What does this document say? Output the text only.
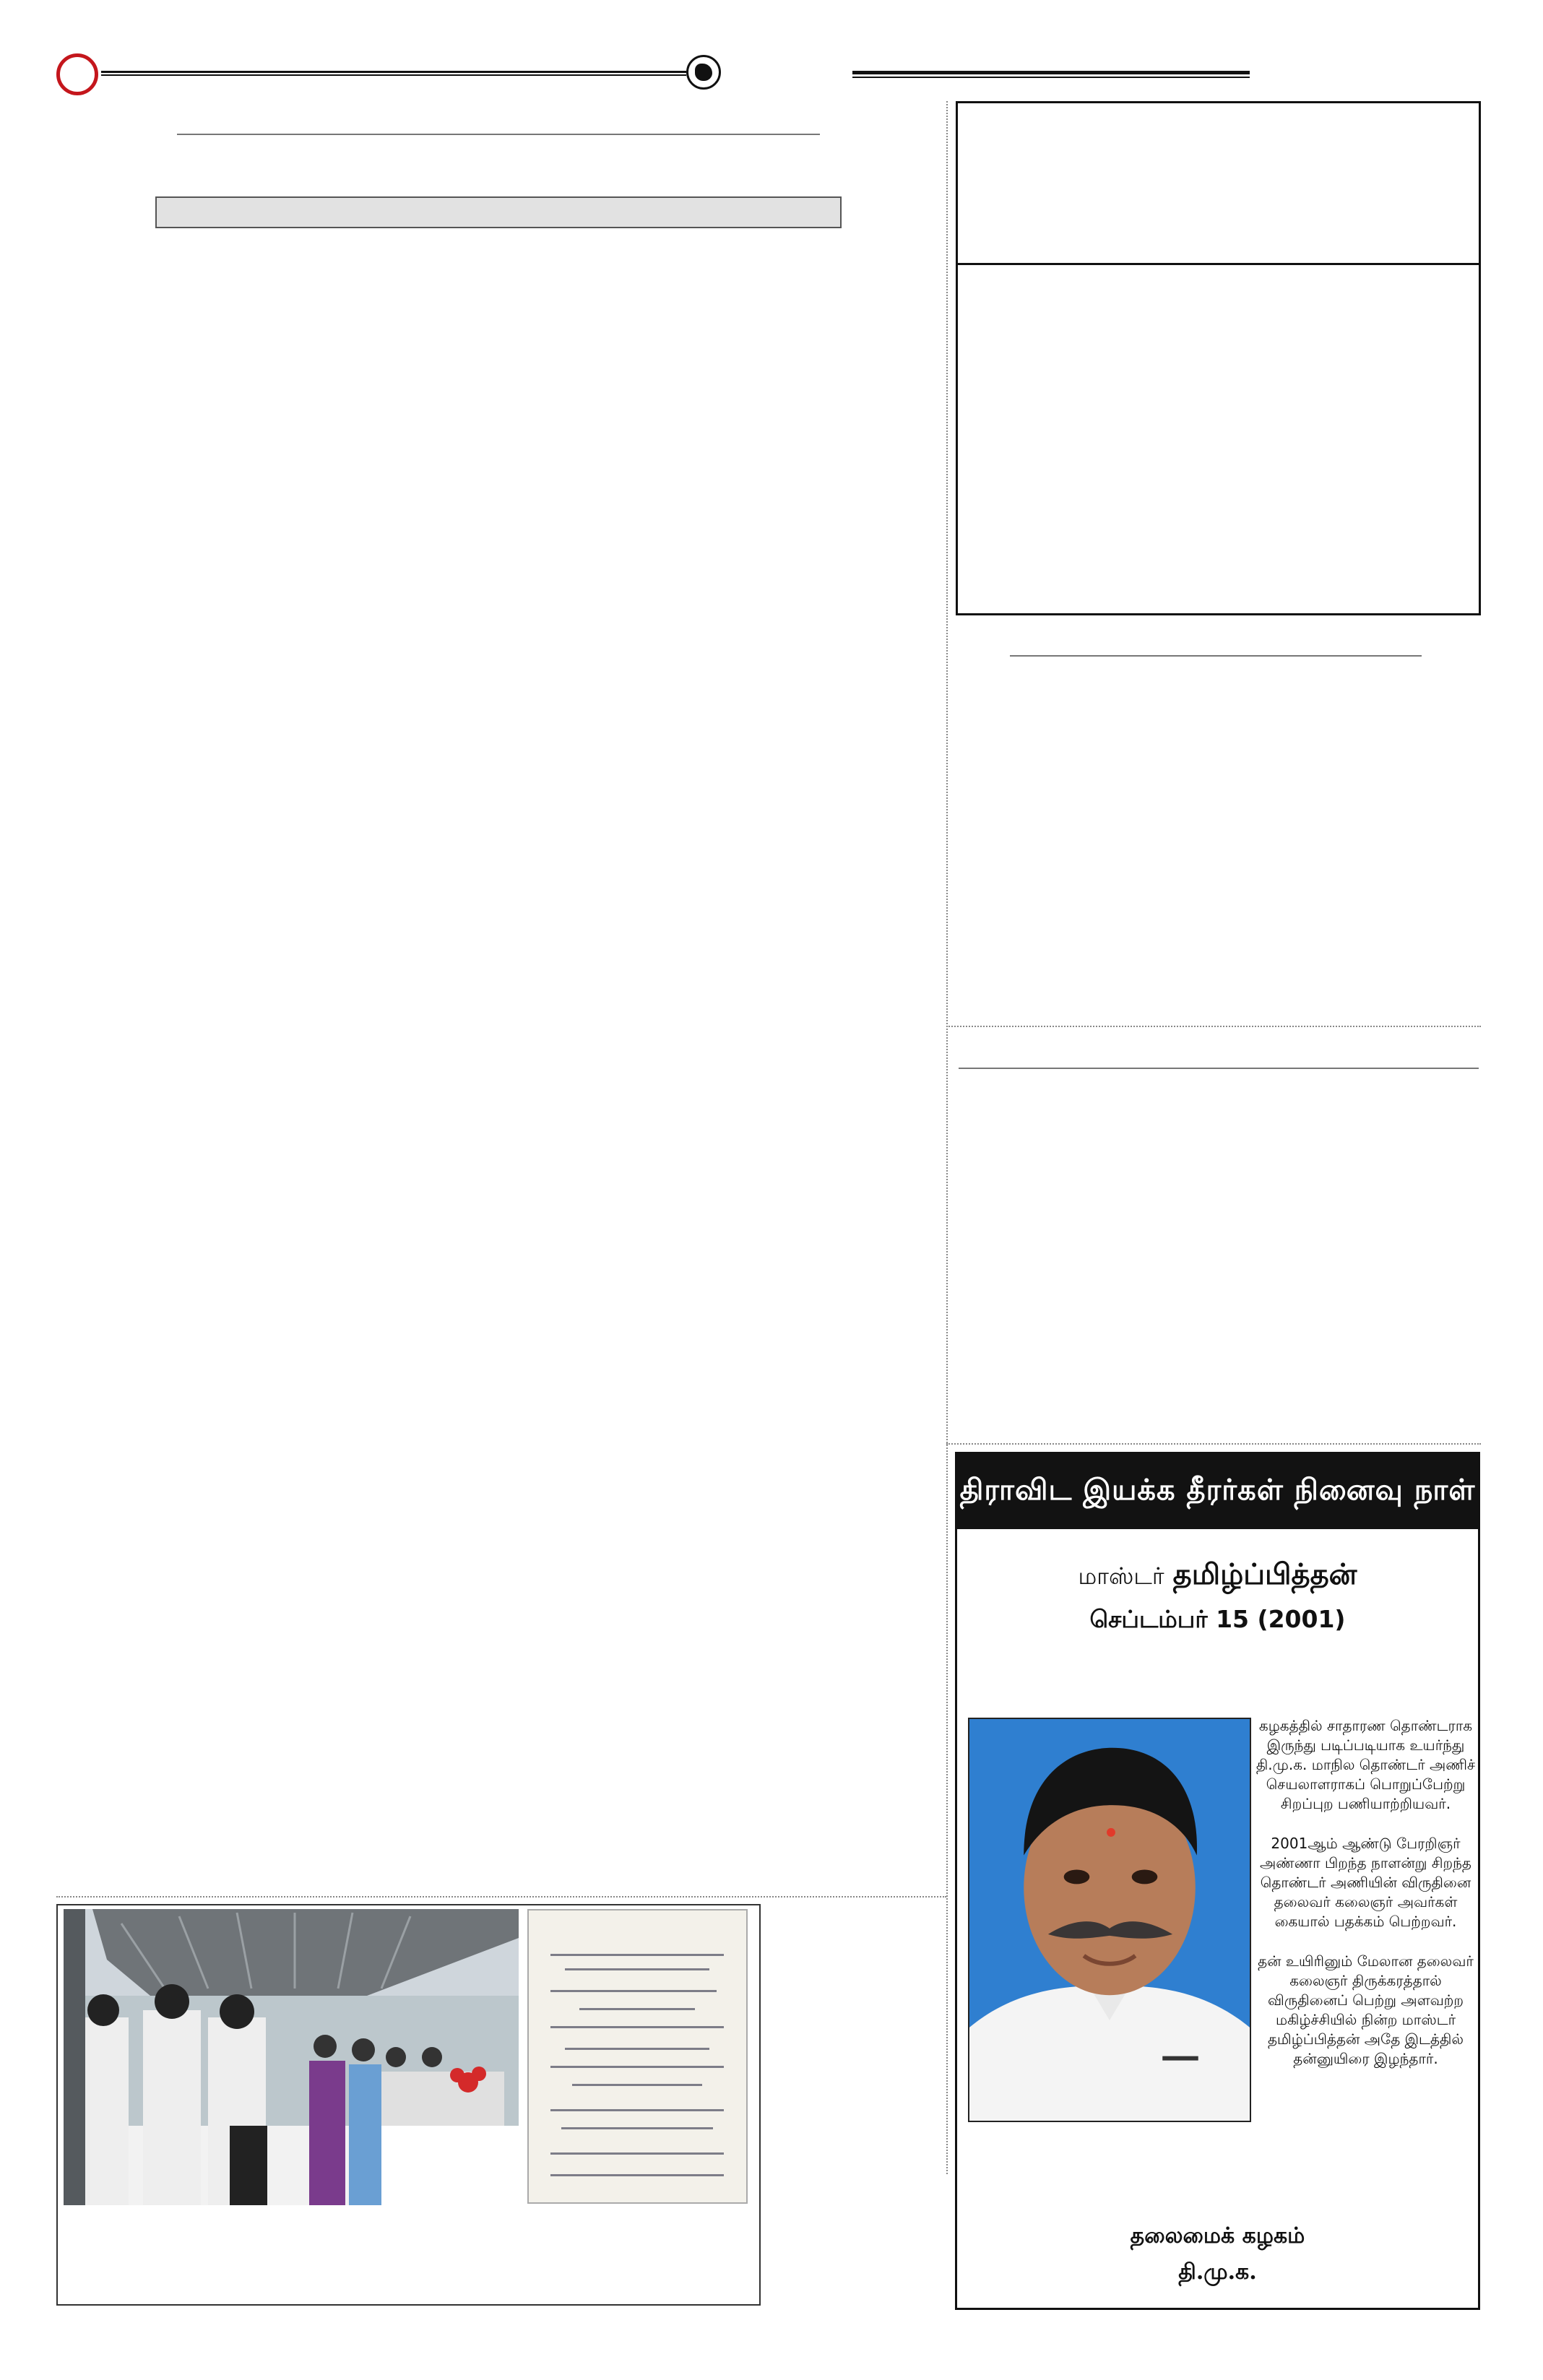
திராவிட இயக்க தீரர்கள் நினைவு நாள்
மாஸ்டர் தமிழ்ப்பித்தன்
செப்டம்பர் 15 (2001)

கழகத்தில் சாதாரண தொண்டராக இருந்து படிப்படியாக உயர்ந்து தி.மு.க. மாநில தொண்டர் அணிச் செயலாளராகப் பொறுப்பேற்று சிறப்புற பணியாற்றியவர்.

2001ஆம் ஆண்டு பேரறிஞர் அண்ணா பிறந்த நாளன்று சிறந்த தொண்டர் அணியின் விருதினை தலைவர் கலைஞர் அவர்கள் கையால் பதக்கம் பெற்றவர்.

தன் உயிரினும் மேலான தலைவர் கலைஞர் திருக்கரத்தால் விருதினைப் பெற்று அளவற்ற மகிழ்ச்சியில் நின்ற மாஸ்டர் தமிழ்ப்பித்தன் அதே இடத்தில் தன்னுயிரை இழந்தார்.

தலைமைக் கழகம்
தி.மு.க.
